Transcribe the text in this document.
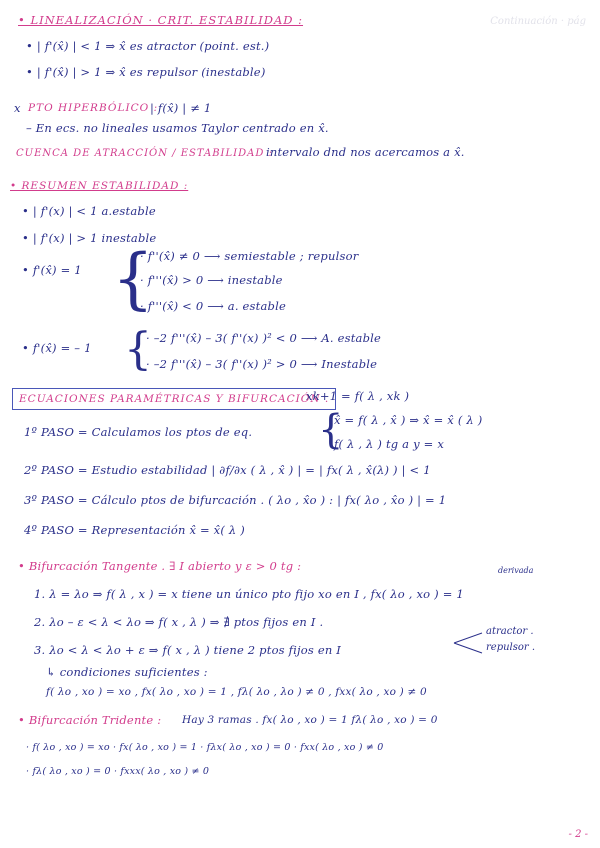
Continuación · pág
• LINEALIZACIÓN · CRIT. ESTABILIDAD :
• | f'(x̂) | < 1 ⇒ x̂ es atractor (point. est.)
• | f'(x̂) | > 1 ⇒ x̂ es repulsor (inestable)
x PTO HIPERBÓLICO :
| f(x̂) | ≠ 1
– En ecs. no lineales usamos Taylor centrado en x̂.
CUENCA DE ATRACCIÓN / ESTABILIDAD :
intervalo dnd nos acercamos a x̂.
• RESUMEN ESTABILIDAD :
• | f'(x) | < 1 a.estable
• | f'(x) | > 1 inestable
• f'(x̂) = 1 {
· f''(x̂) ≠ 0 ⟶ semiestable ; repulsor
· f'''(x̂) > 0 ⟶ inestable
· f'''(x̂) < 0 ⟶ a. estable
• f'(x̂) = – 1 {
· –2 f'''(x̂) – 3( f''(x) )² < 0 ⟶ A. estable
· –2 f'''(x̂) – 3( f''(x) )² > 0 ⟶ Inestable
ECUACIONES PARAMÉTRICAS Y BIFURCACIÓN .
xk+1 = f( λ , xk )
1º PASO = Calculamos los ptos de eq. {
x̂ = f( λ , x̂ ) ⇒ x̂ = x̂ ( λ )
f( λ , λ ) tg a y = x
2º PASO = Estudio estabilidad | ∂f/∂x ( λ , x̂ ) | = | fx( λ , x̂(λ) ) | < 1
3º PASO = Cálculo ptos de bifurcación . ( λo , x̂o ) : | fx( λo , x̂o ) | = 1
4º PASO = Representación x̂ = x̂( λ )
• Bifurcación Tangente . ∃ I abierto y ε > 0 tg :	derivada
1. λ = λo ⇒ f( λ , x ) = x tiene un único pto fijo xo en I , fx( λo , xo ) = 1
2. λo – ε < λ < λo ⇒ f( x , λ ) ⇒ ∄ ptos fijos en I .
3. λo < λ < λo + ε ⇒ f( x , λ ) tiene 2 ptos fijos en I
atractor .
repulsor .
↳ condiciones suficientes :
f( λo , xo ) = xo , fx( λo , xo ) = 1 , fλ( λo , λo ) ≠ 0 , fxx( λo , xo ) ≠ 0
• Bifurcación Tridente : Hay 3 ramas . fx( λo , xo ) = 1 fλ( λo , xo ) = 0
· f( λo , xo ) = xo · fx( λo , xo ) = 1 · fλx( λo , xo ) = 0 · fxx( λo , xo ) ≠ 0
· fλ( λo , xo ) = 0 · fxxx( λo , xo ) ≠ 0
- 2 -
